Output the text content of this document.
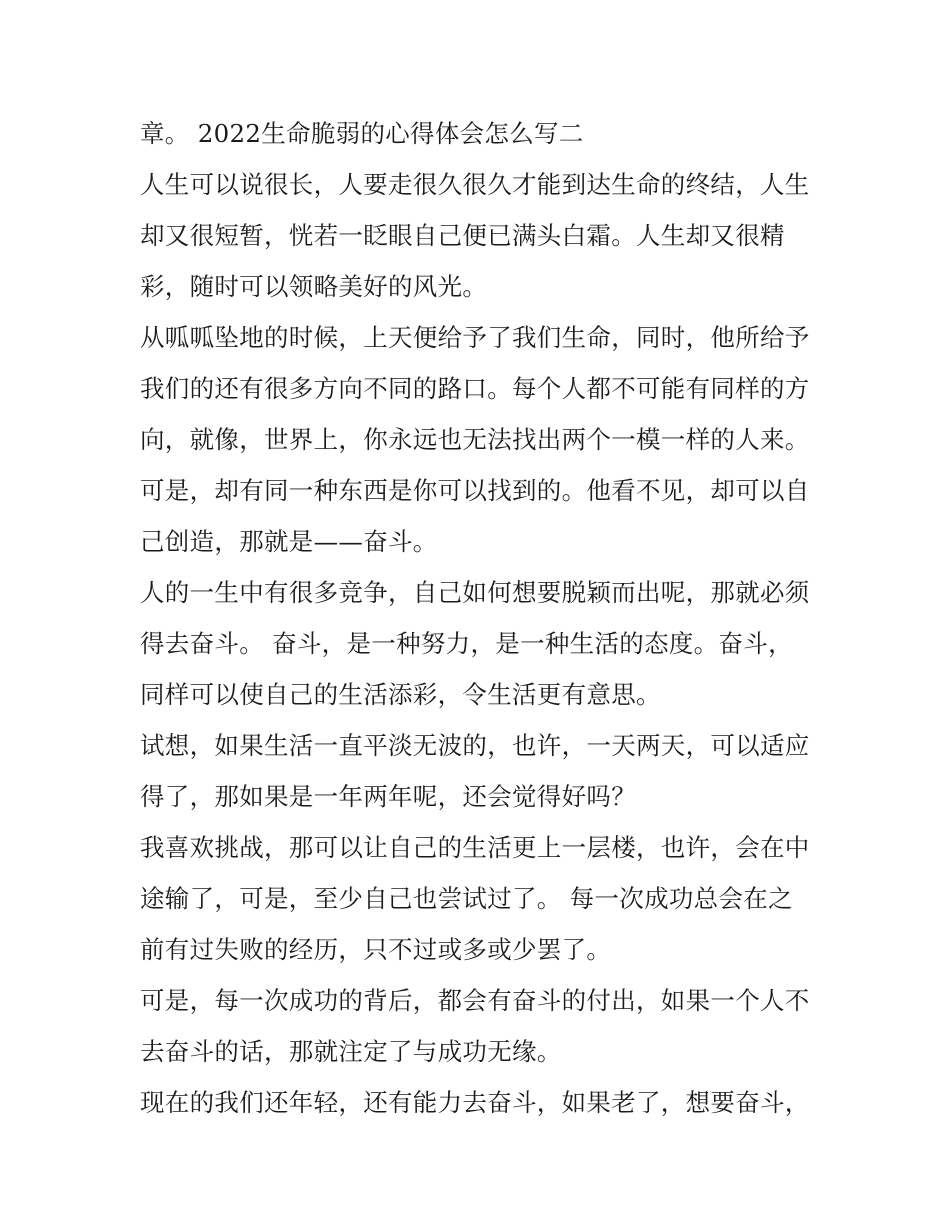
章。 2022生命脆弱的心得体会怎么写二
人生可以说很长，人要走很久很久才能到达生命的终结，人生
却又很短暂，恍若一眨眼自己便已满头白霜。人生却又很精
彩，随时可以领略美好的风光。
从呱呱坠地的时候，上天便给予了我们生命，同时，他所给予
我们的还有很多方向不同的路口。每个人都不可能有同样的方
向，就像，世界上，你永远也无法找出两个一模一样的人来。
可是，却有同一种东西是你可以找到的。他看不见，却可以自
己创造，那就是——奋斗。
人的一生中有很多竞争，自己如何想要脱颖而出呢，那就必须
得去奋斗。 奋斗，是一种努力，是一种生活的态度。奋斗，
同样可以使自己的生活添彩，令生活更有意思。
试想，如果生活一直平淡无波的，也许，一天两天，可以适应
得了，那如果是一年两年呢，还会觉得好吗？
我喜欢挑战，那可以让自己的生活更上一层楼，也许，会在中
途输了，可是，至少自己也尝试过了。 每一次成功总会在之
前有过失败的经历，只不过或多或少罢了。
可是，每一次成功的背后，都会有奋斗的付出，如果一个人不
去奋斗的话，那就注定了与成功无缘。
现在的我们还年轻，还有能力去奋斗，如果老了，想要奋斗，
